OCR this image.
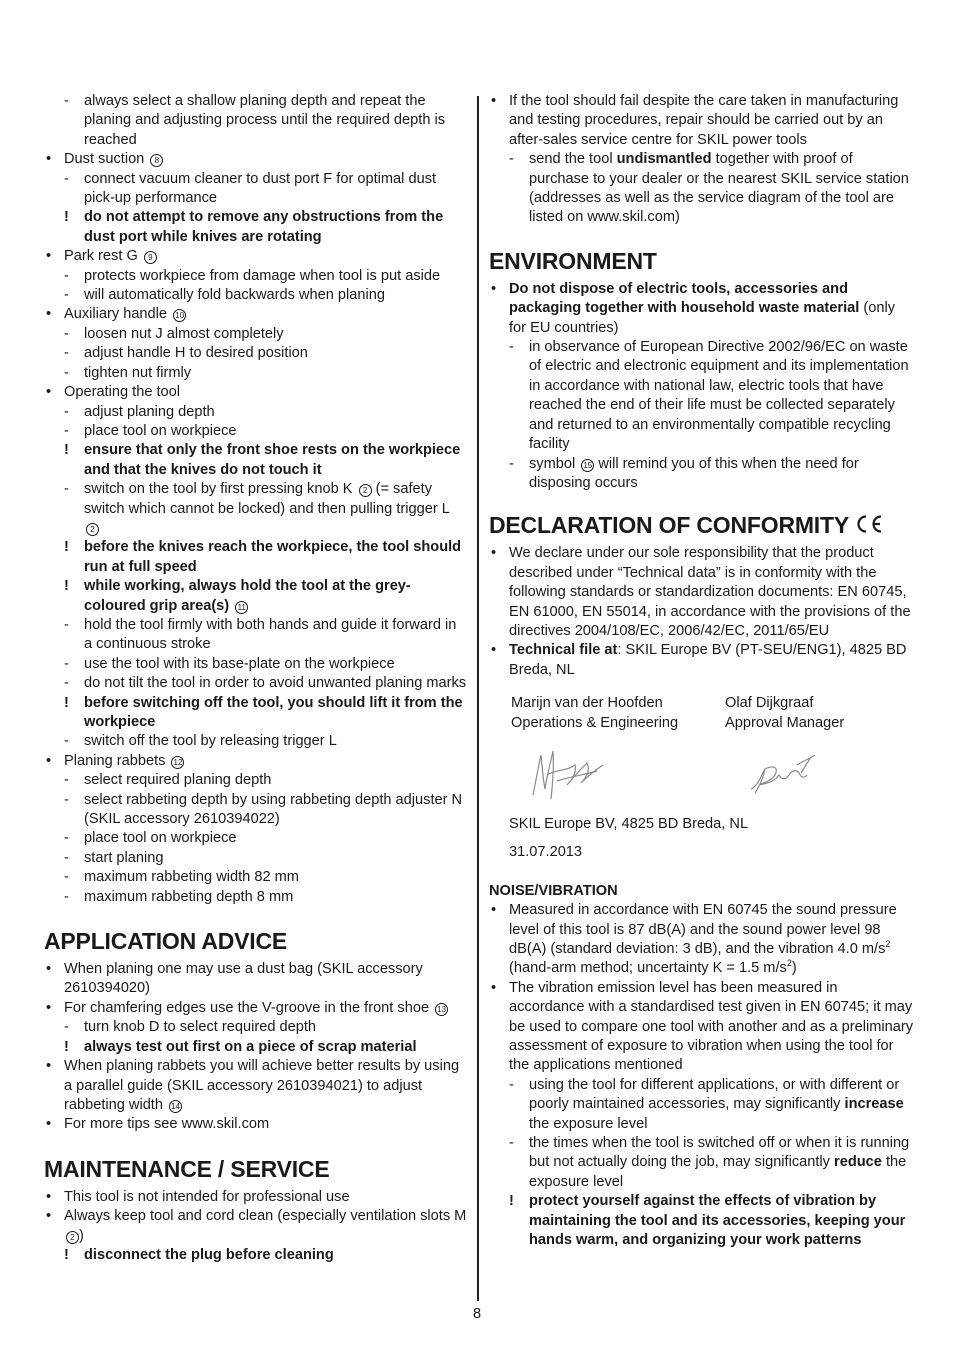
- always select a shallow planing depth and repeat the planing and adjusting process until the required depth is reached
• Dust suction 8
- connect vacuum cleaner to dust port F for optimal dust pick-up performance
! do not attempt to remove any obstructions from the dust port while knives are rotating
• Park rest G 9
- protects workpiece from damage when tool is put aside
- will automatically fold backwards when planing
• Auxiliary handle 10
- loosen nut J almost completely
- adjust handle H to desired position
- tighten nut firmly
• Operating the tool
- adjust planing depth
- place tool on workpiece
! ensure that only the front shoe rests on the workpiece and that the knives do not touch it
- switch on the tool by first pressing knob K 2 (= safety switch which cannot be locked) and then pulling trigger L 2
! before the knives reach the workpiece, the tool should run at full speed
! while working, always hold the tool at the grey-coloured grip area(s) 11
- hold the tool firmly with both hands and guide it forward in a continuous stroke
- use the tool with its base-plate on the workpiece
- do not tilt the tool in order to avoid unwanted planing marks
! before switching off the tool, you should lift it from the workpiece
- switch off the tool by releasing trigger L
• Planing rabbets 12
- select required planing depth
- select rabbeting depth by using rabbeting depth adjuster N (SKIL accessory 2610394022)
- place tool on workpiece
- start planing
- maximum rabbeting width 82 mm
- maximum rabbeting depth 8 mm
APPLICATION ADVICE
• When planing one may use a dust bag (SKIL accessory 2610394020)
• For chamfering edges use the V-groove in the front shoe 13
- turn knob D to select required depth
! always test out first on a piece of scrap material
• When planing rabbets you will achieve better results by using a parallel guide (SKIL accessory 2610394021) to adjust rabbeting width 14
• For more tips see www.skil.com
MAINTENANCE / SERVICE
• This tool is not intended for professional use
• Always keep tool and cord clean (especially ventilation slots M2 )
! disconnect the plug before cleaning
• If the tool should fail despite the care taken in manufacturing and testing procedures, repair should be carried out by an after-sales service centre for SKIL power tools
- send the tool undismantled together with proof of purchase to your dealer or the nearest SKIL service station (addresses as well as the service diagram of the tool are listed on www.skil.com)
ENVIRONMENT
• Do not dispose of electric tools, accessories and packaging together with household waste material (only for EU countries)
- in observance of European Directive 2002/96/EC on waste of electric and electronic equipment and its implementation in accordance with national law, electric tools that have reached the end of their life must be collected separately and returned to an environmentally compatible recycling facility
- symbol 15 will remind you of this when the need for disposing occurs
DECLARATION OF CONFORMITY
• We declare under our sole responsibility that the product described under “Technical data” is in conformity with the following standards or standardization documents: EN 60745, EN 61000, EN 55014, in accordance with the provisions of the directives 2004/108/EC, 2006/42/EC, 2011/65/EU
• Technical file at: SKIL Europe BV (PT-SEU/ENG1), 4825 BD Breda, NL
Marijn van der Hoofden
Operations & Engineering
Olaf Dijkgraaf
Approval Manager
SKIL Europe BV, 4825 BD Breda, NL
31.07.2013
NOISE/VIBRATION
• Measured in accordance with EN 60745 the sound pressure level of this tool is 87 dB(A) and the sound power level 98 dB(A) (standard deviation: 3 dB), and the vibration 4.0 $m/s^2$ (hand-arm method; uncertainty K = 1.5 $m/s^2$)
• The vibration emission level has been measured in accordance with a standardised test given in EN 60745; it may be used to compare one tool with another and as a preliminary assessment of exposure to vibration when using the tool for the applications mentioned
- using the tool for different applications, or with different or poorly maintained accessories, may significantly increase the exposure level
- the times when the tool is switched off or when it is running but not actually doing the job, may significantly reduce the exposure level
! protect yourself against the effects of vibration by maintaining the tool and its accessories, keeping your hands warm, and organizing your work patterns
8
